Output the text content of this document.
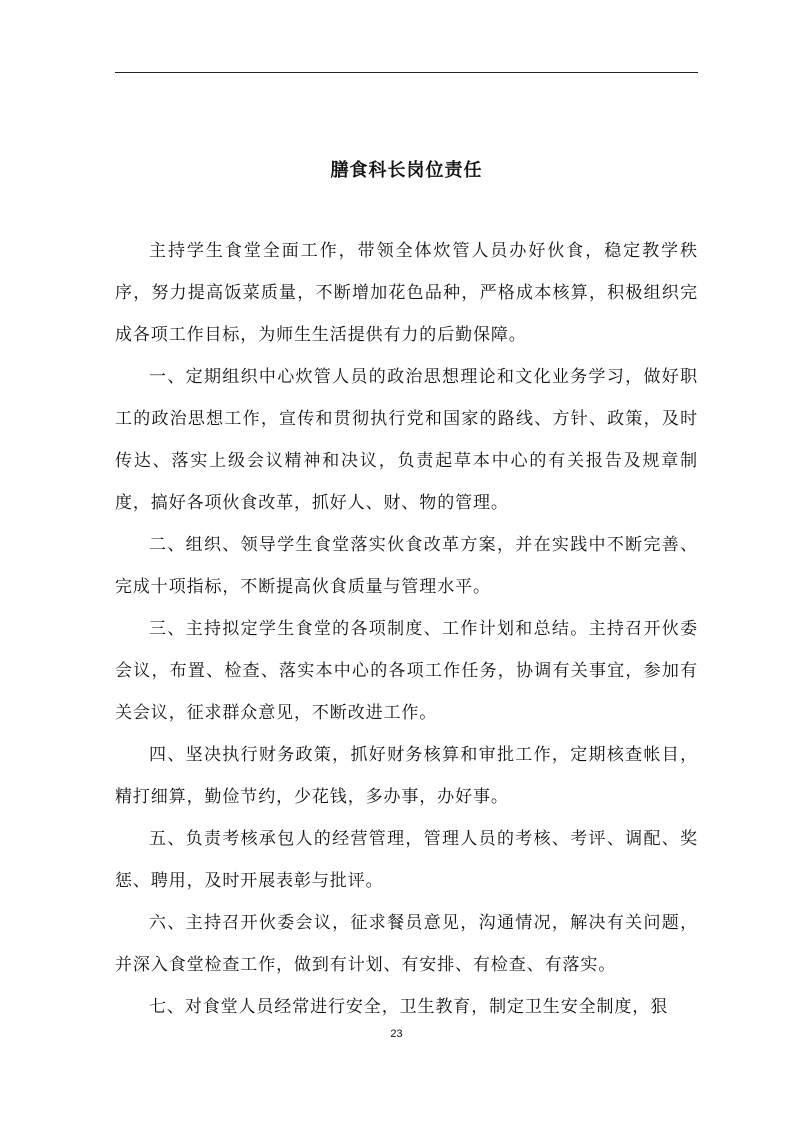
膳食科长岗位责任

主持学生食堂全面工作，带领全体炊管人员办好伙食，稳定教学秩序，努力提高饭菜质量，不断增加花色品种，严格成本核算，积极组织完成各项工作目标，为师生生活提供有力的后勤保障。

一、定期组织中心炊管人员的政治思想理论和文化业务学习，做好职工的政治思想工作，宣传和贯彻执行党和国家的路线、方针、政策，及时传达、落实上级会议精神和决议，负责起草本中心的有关报告及规章制度，搞好各项伙食改革，抓好人、财、物的管理。

二、组织、领导学生食堂落实伙食改革方案，并在实践中不断完善、完成十项指标，不断提高伙食质量与管理水平。

三、主持拟定学生食堂的各项制度、工作计划和总结。主持召开伙委会议，布置、检查、落实本中心的各项工作任务，协调有关事宜，参加有关会议，征求群众意见，不断改进工作。

四、坚决执行财务政策，抓好财务核算和审批工作，定期核查帐目，精打细算，勤俭节约，少花钱，多办事，办好事。

五、负责考核承包人的经营管理，管理人员的考核、考评、调配、奖惩、聘用，及时开展表彰与批评。

六、主持召开伙委会议，征求餐员意见，沟通情况，解决有关问题，并深入食堂检查工作，做到有计划、有安排、有检查、有落实。

七、对食堂人员经常进行安全，卫生教育，制定卫生安全制度，狠

23
